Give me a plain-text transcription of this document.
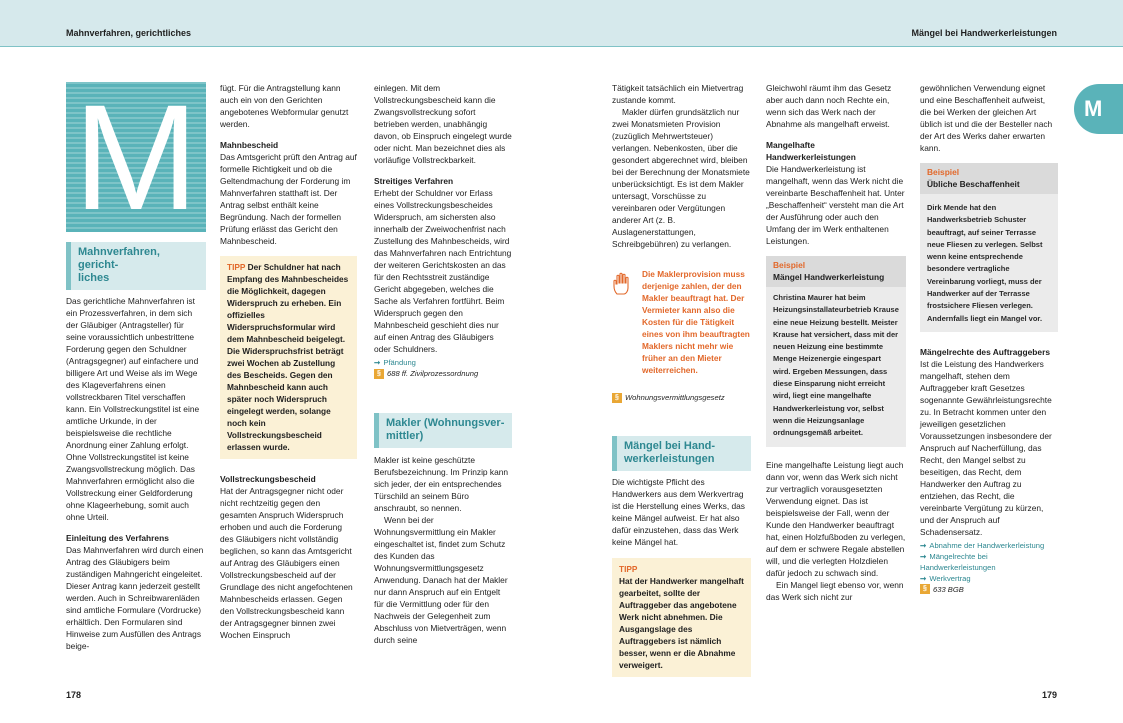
Mahnverfahren, gerichtliches	Mängel bei Handwerkerleistungen
M	M
Mahnverfahren, gericht-
liches

Das gerichtliche Mahnverfahren ist ein Prozessverfahren, in dem sich der Gläubiger (Antragsteller) für seine voraussichtlich unbestrittene Forderung gegen den Schuldner (Antragsgegner) auf einfachere und billigere Art und Weise als im Wege des Klageverfahrens einen vollstreckbaren Titel verschaffen kann. Ein Vollstreckungstitel ist eine amtliche Urkunde, in der beispielsweise die rechtliche Anordnung einer Zahlung erfolgt. Ohne Vollstreckungstitel ist keine Zwangsvollstreckung möglich. Das Mahnverfahren ermöglicht also die Vollstreckung einer Geldforderung ohne Klageerhebung, somit auch ohne Urteil.

Einleitung des Verfahrens

Das Mahnverfahren wird durch einen Antrag des Gläubigers beim zuständigen Mahngericht eingeleitet. Dieser Antrag kann jederzeit gestellt werden. Auch in Schreibwarenläden sind amtliche Formulare (Vordrucke) erhältlich. Den Formularen sind Hinweise zum Ausfüllen des Antrags beige-

fügt. Für die Antragstellung kann auch ein von den Gerichten angebotenes Webformular genutzt werden.

Mahnbescheid

Das Amtsgericht prüft den Antrag auf formelle Richtigkeit und ob die Geltendmachung der Forderung im Mahnverfahren statthaft ist. Der Antrag selbst enthält keine Begründung. Nach der formellen Prüfung erlässt das Gericht den Mahnbescheid.

TIPP Der Schuldner hat nach Empfang des Mahnbescheides die Möglichkeit, dagegen Widerspruch zu erheben. Ein offizielles Widerspruchsformular wird dem Mahnbescheid beigelegt. Die Widerspruchsfrist beträgt zwei Wochen ab Zustellung des Bescheids. Gegen den Mahnbescheid kann auch später noch Widerspruch eingelegt werden, solange noch kein Vollstreckungsbescheid erlassen wurde.

Vollstreckungsbescheid

Hat der Antragsgegner nicht oder nicht rechtzeitig gegen den gesamten Anspruch Widerspruch erhoben und auch die Forderung des Gläubigers nicht vollständig beglichen, so kann das Amtsgericht auf Antrag des Gläubigers einen Vollstreckungsbescheid auf der Grundlage des nicht angefochtenen Mahnbescheids erlassen. Gegen den Vollstreckungsbescheid kann der Antragsgegner binnen zwei Wochen Einspruch

einlegen. Mit dem Vollstreckungsbescheid kann die Zwangsvollstreckung sofort betrieben werden, unabhängig davon, ob Einspruch eingelegt wurde oder nicht. Man bezeichnet dies als vorläufige Vollstreckbarkeit.

Streitiges Verfahren

Erhebt der Schuldner vor Erlass eines Vollstreckungsbescheides Widerspruch, am sichersten also innerhalb der Zweiwochenfrist nach Zustellung des Mahnbescheids, wird das Mahnverfahren nach Entrichtung der weiteren Gerichtskosten an das für den Rechtsstreit zuständige Gericht abgegeben, welches die Sache als Verfahren fortführt. Beim Widerspruch gegen den Mahnbescheid geschieht dies nur auf einen Antrag des Gläubigers oder Schuldners.

➞ Pfändung
§ 688 ff. Zivilprozessordnung
Makler (Wohnungsver-
mittler)

Makler ist keine geschützte Berufsbezeichnung. Im Prinzip kann sich jeder, der ein entsprechendes Türschild an seinem Büro anschraubt, so nennen.

Wenn bei der Wohnungsvermittlung ein Makler eingeschaltet ist, findet zum Schutz des Kunden das Wohnungsvermittlungsgesetz Anwendung. Danach hat der Makler nur dann Anspruch auf ein Entgelt für die Vermittlung oder für den Nachweis der Gelegenheit zum Abschluss von Mietverträgen, wenn durch seine

Tätigkeit tatsächlich ein Mietvertrag zustande kommt.

Makler dürfen grundsätzlich nur zwei Monatsmieten Provision (zuzüglich Mehrwertsteuer) verlangen. Nebenkosten, über die gesondert abgerechnet wird, bleiben bei der Berechnung der Monatsmiete unberücksichtigt. Es ist dem Makler untersagt, Vorschüsse zu vereinbaren oder Vergütungen anderer Art (z. B. Auslagenerstattungen, Schreibgebühren) zu verlangen.

Die Maklerprovision muss derjenige zahlen, der den Makler beauftragt hat. Der Vermieter kann also die Kosten für die Tätigkeit eines von ihm beauftragten Maklers nicht mehr wie früher an den Mieter weiterreichen.
§ Wohnungsvermittlungsgesetz
Mängel bei Hand-
werkerleistungen

Die wichtigste Pflicht des Handwerkers aus dem Werkvertrag ist die Herstellung eines Werks, das keine Mängel aufweist. Er hat also dafür einzustehen, dass das Werk keine Mängel hat.

TIPP
Hat der Handwerker mangelhaft gearbeitet, sollte der Auftraggeber das angebotene Werk nicht abnehmen. Die Ausgangslage des Auftraggebers ist nämlich besser, wenn er die Abnahme verweigert.

Gleichwohl räumt ihm das Gesetz aber auch dann noch Rechte ein, wenn sich das Werk nach der Abnahme als mangelhaft erweist.

Mangelhafte Handwerkerleistungen

Die Handwerkerleistung ist mangelhaft, wenn das Werk nicht die vereinbarte Beschaffenheit hat. Unter „Beschaffenheit“ versteht man die Art der Ausführung oder auch den Umfang der im Werk enthaltenen Leistungen.

Beispiel
Mängel Handwerkerleistung
Christina Maurer hat beim Heizungsinstallateurbetrieb Krause eine neue Heizung bestellt. Meister Krause hat versichert, dass mit der neuen Heizung eine bestimmte Menge Heizenergie eingespart wird. Ergeben Messungen, dass diese Einsparung nicht erreicht wird, liegt eine mangelhafte Handwerkerleistung vor, selbst wenn die Heizungsanlage ordnungsgemäß arbeitet.

Eine mangelhafte Leistung liegt auch dann vor, wenn das Werk sich nicht zur vertraglich vorausgesetzten Verwendung eignet. Das ist beispielsweise der Fall, wenn der Kunde den Handwerker beauftragt hat, einen Holzfußboden zu verlegen, auf dem er schwere Regale abstellen will, und die verlegten Holzdielen dafür jedoch zu schwach sind.

Ein Mangel liegt ebenso vor, wenn das Werk sich nicht zur

gewöhnlichen Verwendung eignet und eine Beschaffenheit aufweist, die bei Werken der gleichen Art üblich ist und die der Besteller nach der Art des Werks daher erwarten kann.

Beispiel
Übliche Beschaffenheit
Dirk Mende hat den Handwerksbetrieb Schuster beauftragt, auf seiner Terrasse neue Fliesen zu verlegen. Selbst wenn keine entsprechende besondere vertragliche Vereinbarung vorliegt, muss der Handwerker auf der Terrasse frostsichere Fliesen verlegen. Andernfalls liegt ein Mangel vor.

Mängelrechte des Auftraggebers

Ist die Leistung des Handwerkers mangelhaft, stehen dem Auftraggeber kraft Gesetzes sogenannte Gewährleistungsrechte zu. In Betracht kommen unter den jeweiligen gesetzlichen Voraussetzungen insbesondere der Anspruch auf Nacherfüllung, das Recht, den Mangel selbst zu beseitigen, das Recht, dem Handwerker den Auftrag zu entziehen, das Recht, die vereinbarte Vergütung zu kürzen, und der Anspruch auf Schadensersatz.

➞ Abnahme der Handwerkerleistung
➞ Mängelrechte bei Handwerkerleistungen
➞ Werkvertrag
§ 633 BGB
178	179
